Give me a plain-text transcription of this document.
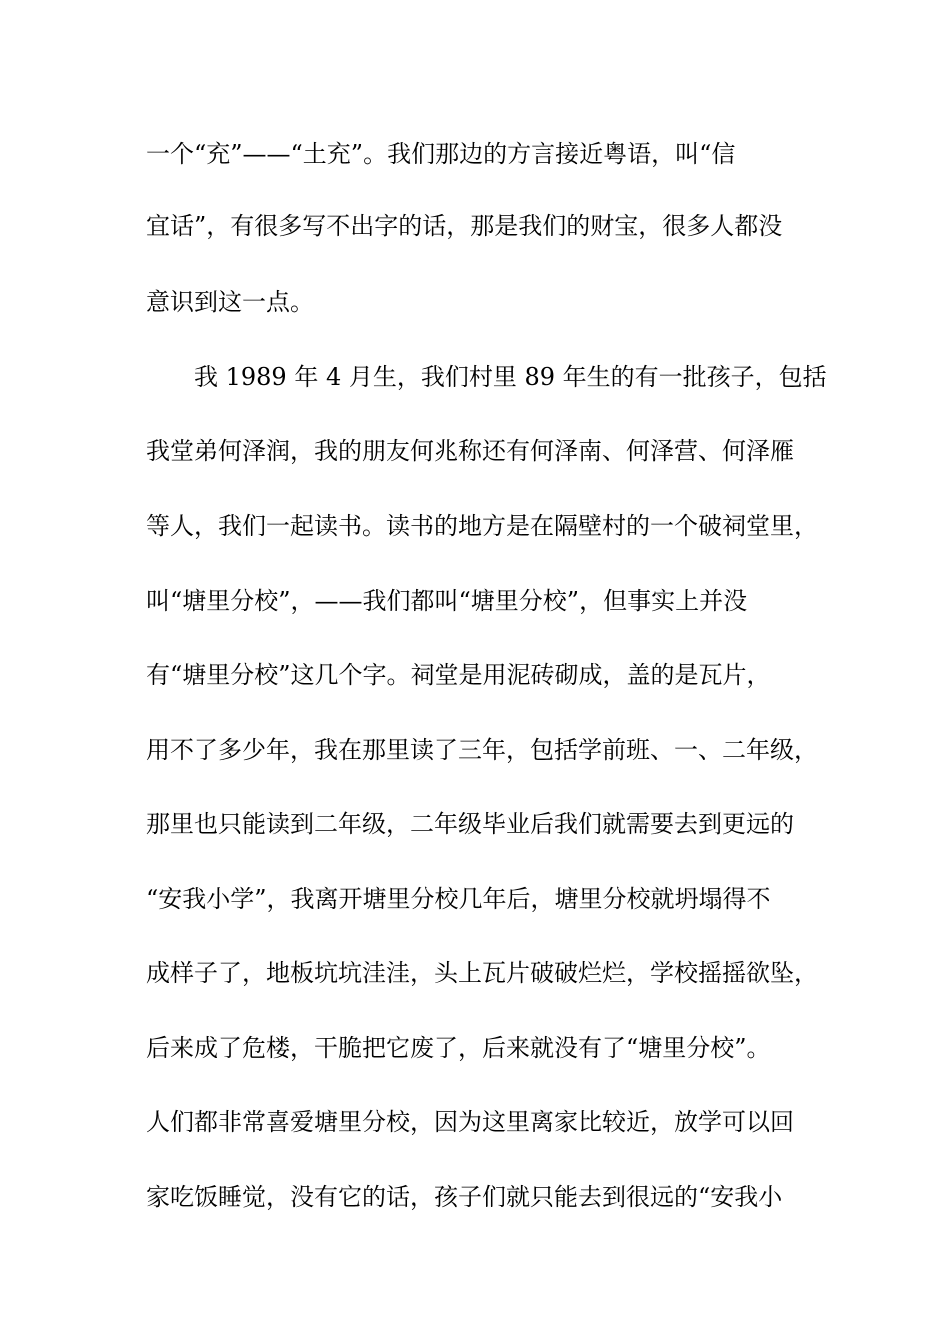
一个“充”——“土充”。我们那边的方言接近粤语，叫“信

宜话”，有很多写不出字的话，那是我们的财宝，很多人都没

意识到这一点。

我 1989 年 4 月生，我们村里 89 年生的有一批孩子，包括

我堂弟何泽润，我的朋友何兆称还有何泽南、何泽营、何泽雁

等人，我们一起读书。读书的地方是在隔壁村的一个破祠堂里，

叫“塘里分校”，——我们都叫“塘里分校”，但事实上并没

有“塘里分校”这几个字。祠堂是用泥砖砌成，盖的是瓦片，

用不了多少年，我在那里读了三年，包括学前班、一、二年级，

那里也只能读到二年级，二年级毕业后我们就需要去到更远的

“安我小学”，我离开塘里分校几年后，塘里分校就坍塌得不

成样子了，地板坑坑洼洼，头上瓦片破破烂烂，学校摇摇欲坠，

后来成了危楼，干脆把它废了，后来就没有了“塘里分校”。

人们都非常喜爱塘里分校，因为这里离家比较近，放学可以回

家吃饭睡觉，没有它的话，孩子们就只能去到很远的“安我小
